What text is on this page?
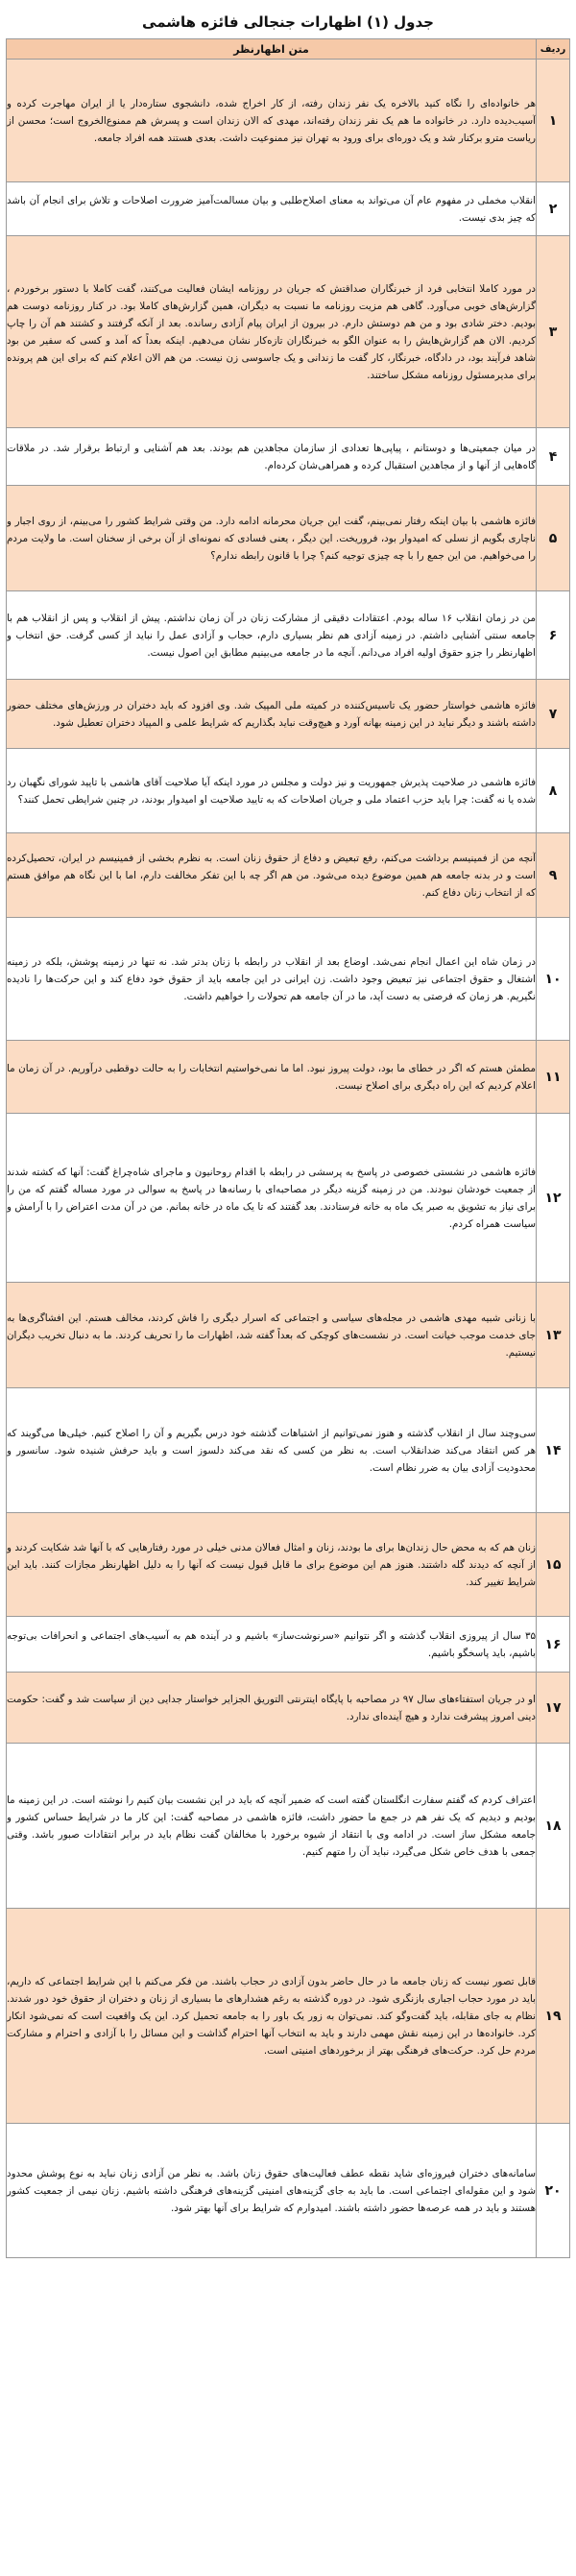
جدول (۱) اظهارات جنجالی فائزه هاشمی
ردیف	متن اظهارنظر
۱	هر خانواده‌ای را نگاه کنید بالاخره یک نفر زندان رفته، از کار اخراج شده، دانشجوی ستاره‌دار یا از ایران مهاجرت کرده و آسیب‌دیده دارد. در خانواده ما هم یک نفر زندان رفته‌اند، مهدی که الان زندان است و پسرش هم ممنوع‌الخروج است؛ محسن از ریاست مترو برکنار شد و یک دوره‌ای برای ورود به تهران نیز ممنوعیت داشت. بعدی هستند همه افراد جامعه.
۲	انقلاب مخملی در مفهوم عام آن می‌تواند به معنای اصلاح‌طلبی و بیان مسالمت‌آمیز ضرورت اصلاحات و تلاش برای انجام آن باشد که چیز بدی نیست.
۳	در مورد کاملا انتخابی فرد از خبرنگاران صداقتش که جریان در روزنامه ایشان فعالیت می‌کنند، گفت کاملا با دستور برخوردم ، گزارش‌های خوبی می‌آورد. گاهی هم مزیت روزنامه ما نسبت به دیگران، همین گزارش‌های کاملا بود. در کنار روزنامه دوست هم بودیم. دختر شادی بود و من هم دوستش دارم. در بیرون از ایران پیام آزادی رسانده. بعد از آنکه گرفتند و کشتند هم آن را چاپ کردیم. الان هم گزارش‌هایش را به عنوان الگو به خبرنگاران تازه‌کار نشان می‌دهیم. اینکه بعداً که آمد و کسی که سفیر من بود شاهد فرآیند بود، در دادگاه، خبرنگار، کار گفت ما زندانی و یک جاسوسی زن نیست. من هم الان اعلام کنم که برای این هم پرونده برای مدیرمسئول روزنامه مشکل ساختند.
۴	در میان جمعیتی‌ها و دوستانم ، پیاپی‌ها تعدادی از سازمان مجاهدین هم بودند. بعد هم آشنایی و ارتباط برقرار شد. در ملاقات گاه‌هایی از آنها و از مجاهدین استقبال کرده و همراهی‌شان کرده‌ام.
۵	فائزه هاشمی با بیان اینکه رفتار نمی‌بینم، گفت این جریان محرمانه ادامه دارد. من وقتی شرایط کشور را می‌بینم، از روی اجبار و ناچاری بگویم از نسلی که امیدوار بود، فروریخت. این دیگر ، یعنی فسادی که نمونه‌ای از آن برخی از سخنان است. ما ولایت مردم را می‌خواهیم. من این جمع را با چه چیزی توجیه کنم؟ چرا با قانون رابطه ندارم؟
۶	من در زمان انقلاب ۱۶ ساله بودم. اعتقادات دقیقی از مشارکت زنان در آن زمان نداشتم. پیش از انقلاب و پس از انقلاب هم با جامعه سنتی آشنایی داشتم. در زمینه آزادی هم نظر بسیاری دارم، حجاب و آزادی عمل را نباید از کسی گرفت. حق انتخاب و اظهارنظر را جزو حقوق اولیه افراد می‌دانم. آنچه ما در جامعه می‌بینیم مطابق این اصول نیست.
۷	فائزه هاشمی خواستار حضور یک تاسیس‌کننده در کمیته ملی المپیک شد. وی افزود که باید دختران در ورزش‌های مختلف حضور داشته باشند و دیگر نباید در این زمینه بهانه آورد و هیچ‌وقت نباید بگذاریم که شرایط علمی و المپیاد دختران تعطیل شود.
۸	فائزه هاشمی در صلاحیت پذیرش جمهوریت و نیز دولت و مجلس در مورد اینکه آیا صلاحیت آقای هاشمی با تایید شورای نگهبان رد شده یا نه گفت: چرا باید حزب اعتماد ملی و جریان اصلاحات که به تایید صلاحیت او امیدوار بودند، در چنین شرایطی تحمل کنند؟
۹	آنچه من از فمینیسم برداشت می‌کنم، رفع تبعیض و دفاع از حقوق زنان است. به نظرم بخشی از فمینیسم در ایران، تحصیل‌کرده است و در بدنه جامعه هم همین موضوع دیده می‌شود. من هم اگر چه با این تفکر مخالفت دارم، اما با این نگاه هم موافق هستم که از انتخاب زنان دفاع کنم.
۱۰	در زمان شاه این اعمال انجام نمی‌شد. اوضاع بعد از انقلاب در رابطه با زنان بدتر شد. نه تنها در زمینه پوشش، بلکه در زمینه اشتغال و حقوق اجتماعی نیز تبعیض وجود داشت. زن ایرانی در این جامعه باید از حقوق خود دفاع کند و این حرکت‌ها را نادیده نگیریم. هر زمان که فرصتی به دست آید، ما در آن جامعه هم تحولات را خواهیم داشت.
۱۱	مطمئن هستم که اگر در خطای ما بود، دولت پیروز نبود. اما ما نمی‌خواستیم انتخابات را به حالت دوقطبی درآوریم. در آن زمان ما اعلام کردیم که این راه دیگری برای اصلاح نیست.
۱۲	فائزه هاشمی در نشستی خصوصی در پاسخ به پرسشی در رابطه با اقدام روحانیون و ماجرای شاه‌چراغ گفت: آنها که کشته شدند از جمعیت خودشان نبودند. من در زمینه گزینه دیگر در مصاحبه‌ای با رسانه‌ها در پاسخ به سوالی در مورد مساله گفتم که من را برای نیاز به تشویق به صبر یک ماه به خانه فرستادند. بعد گفتند که تا یک ماه در خانه بمانم. من در آن مدت اعتراض را با آرامش و سیاست همراه کردم.
۱۳	با زنانی شبیه مهدی هاشمی در مجله‌های سیاسی و اجتماعی که اسرار دیگری را فاش کردند، مخالف هستم. این افشاگری‌ها به جای خدمت موجب خیانت است. در نشست‌های کوچکی که بعداً گفته شد، اظهارات ما را تحریف کردند. ما به دنبال تخریب دیگران نیستیم.
۱۴	سی‌وچند سال از انقلاب گذشته و هنوز نمی‌توانیم از اشتباهات گذشته خود درس بگیریم و آن را اصلاح کنیم. خیلی‌ها می‌گویند که هر کس انتقاد می‌کند ضدانقلاب است. به نظر من کسی که نقد می‌کند دلسوز است و باید حرفش شنیده شود. سانسور و محدودیت آزادی بیان به ضرر نظام است.
۱۵	زنان هم که به محض حال زندان‌ها برای ما بودند، زنان و امثال فعالان مدنی خیلی در مورد رفتارهایی که با آنها شد شکایت کردند و از آنچه که دیدند گله داشتند. هنوز هم این موضوع برای ما قابل قبول نیست که آنها را به دلیل اظهارنظر مجازات کنند. باید این شرایط تغییر کند.
۱۶	۳۵ سال از پیروزی انقلاب گذشته و اگر نتوانیم «سرنوشت‌ساز» باشیم و در آینده هم به آسیب‌های اجتماعی و انحرافات بی‌توجه باشیم، باید پاسخگو باشیم.
۱۷	او در جریان استفتاءهای سال ۹۷ در مصاحبه با پایگاه اینترنتی التوریق الجزایر خواستار جدایی دین از سیاست شد و گفت: حکومت دینی امروز پیشرفت ندارد و هیچ آینده‌ای ندارد.
۱۸	اعتراف کردم که گفتم سفارت انگلستان گفته است که ضمیر آنچه که باید در این نشست بیان کنیم را نوشته است. در این زمینه ما بودیم و دیدیم که یک نفر هم در جمع ما حضور داشت، فائزه هاشمی در مصاحبه گفت: این کار ما در شرایط حساس کشور و جامعه مشکل ساز است. در ادامه وی با انتقاد از شیوه برخورد با مخالفان گفت نظام باید در برابر انتقادات صبور باشد. وقتی جمعی با هدف خاص شکل می‌گیرد، نباید آن را متهم کنیم.
۱۹	قابل تصور نیست که زنان جامعه ما در حال حاضر بدون آزادی در حجاب باشند. من فکر می‌کنم با این شرایط اجتماعی که داریم، باید در مورد حجاب اجباری بازنگری شود. در دوره گذشته به رغم هشدارهای ما بسیاری از زنان و دختران از حقوق خود دور شدند. نظام به جای مقابله، باید گفت‌وگو کند. نمی‌توان به زور یک باور را به جامعه تحمیل کرد. این یک واقعیت است که نمی‌شود انکار کرد. خانواده‌ها در این زمینه نقش مهمی دارند و باید به انتخاب آنها احترام گذاشت و این مسائل را با آزادی و احترام و مشارکت مردم حل کرد. حرکت‌های فرهنگی بهتر از برخوردهای امنیتی است.
۲۰	سامانه‌های دختران فیروزه‌ای شاید نقطه عطف فعالیت‌های حقوق زنان باشد. به نظر من آزادی زنان نباید به نوع پوشش محدود شود و این مقوله‌ای اجتماعی است. ما باید به جای گزینه‌های امنیتی گزینه‌های فرهنگی داشته باشیم. زنان نیمی از جمعیت کشور هستند و باید در همه عرصه‌ها حضور داشته باشند. امیدوارم که شرایط برای آنها بهتر شود.
